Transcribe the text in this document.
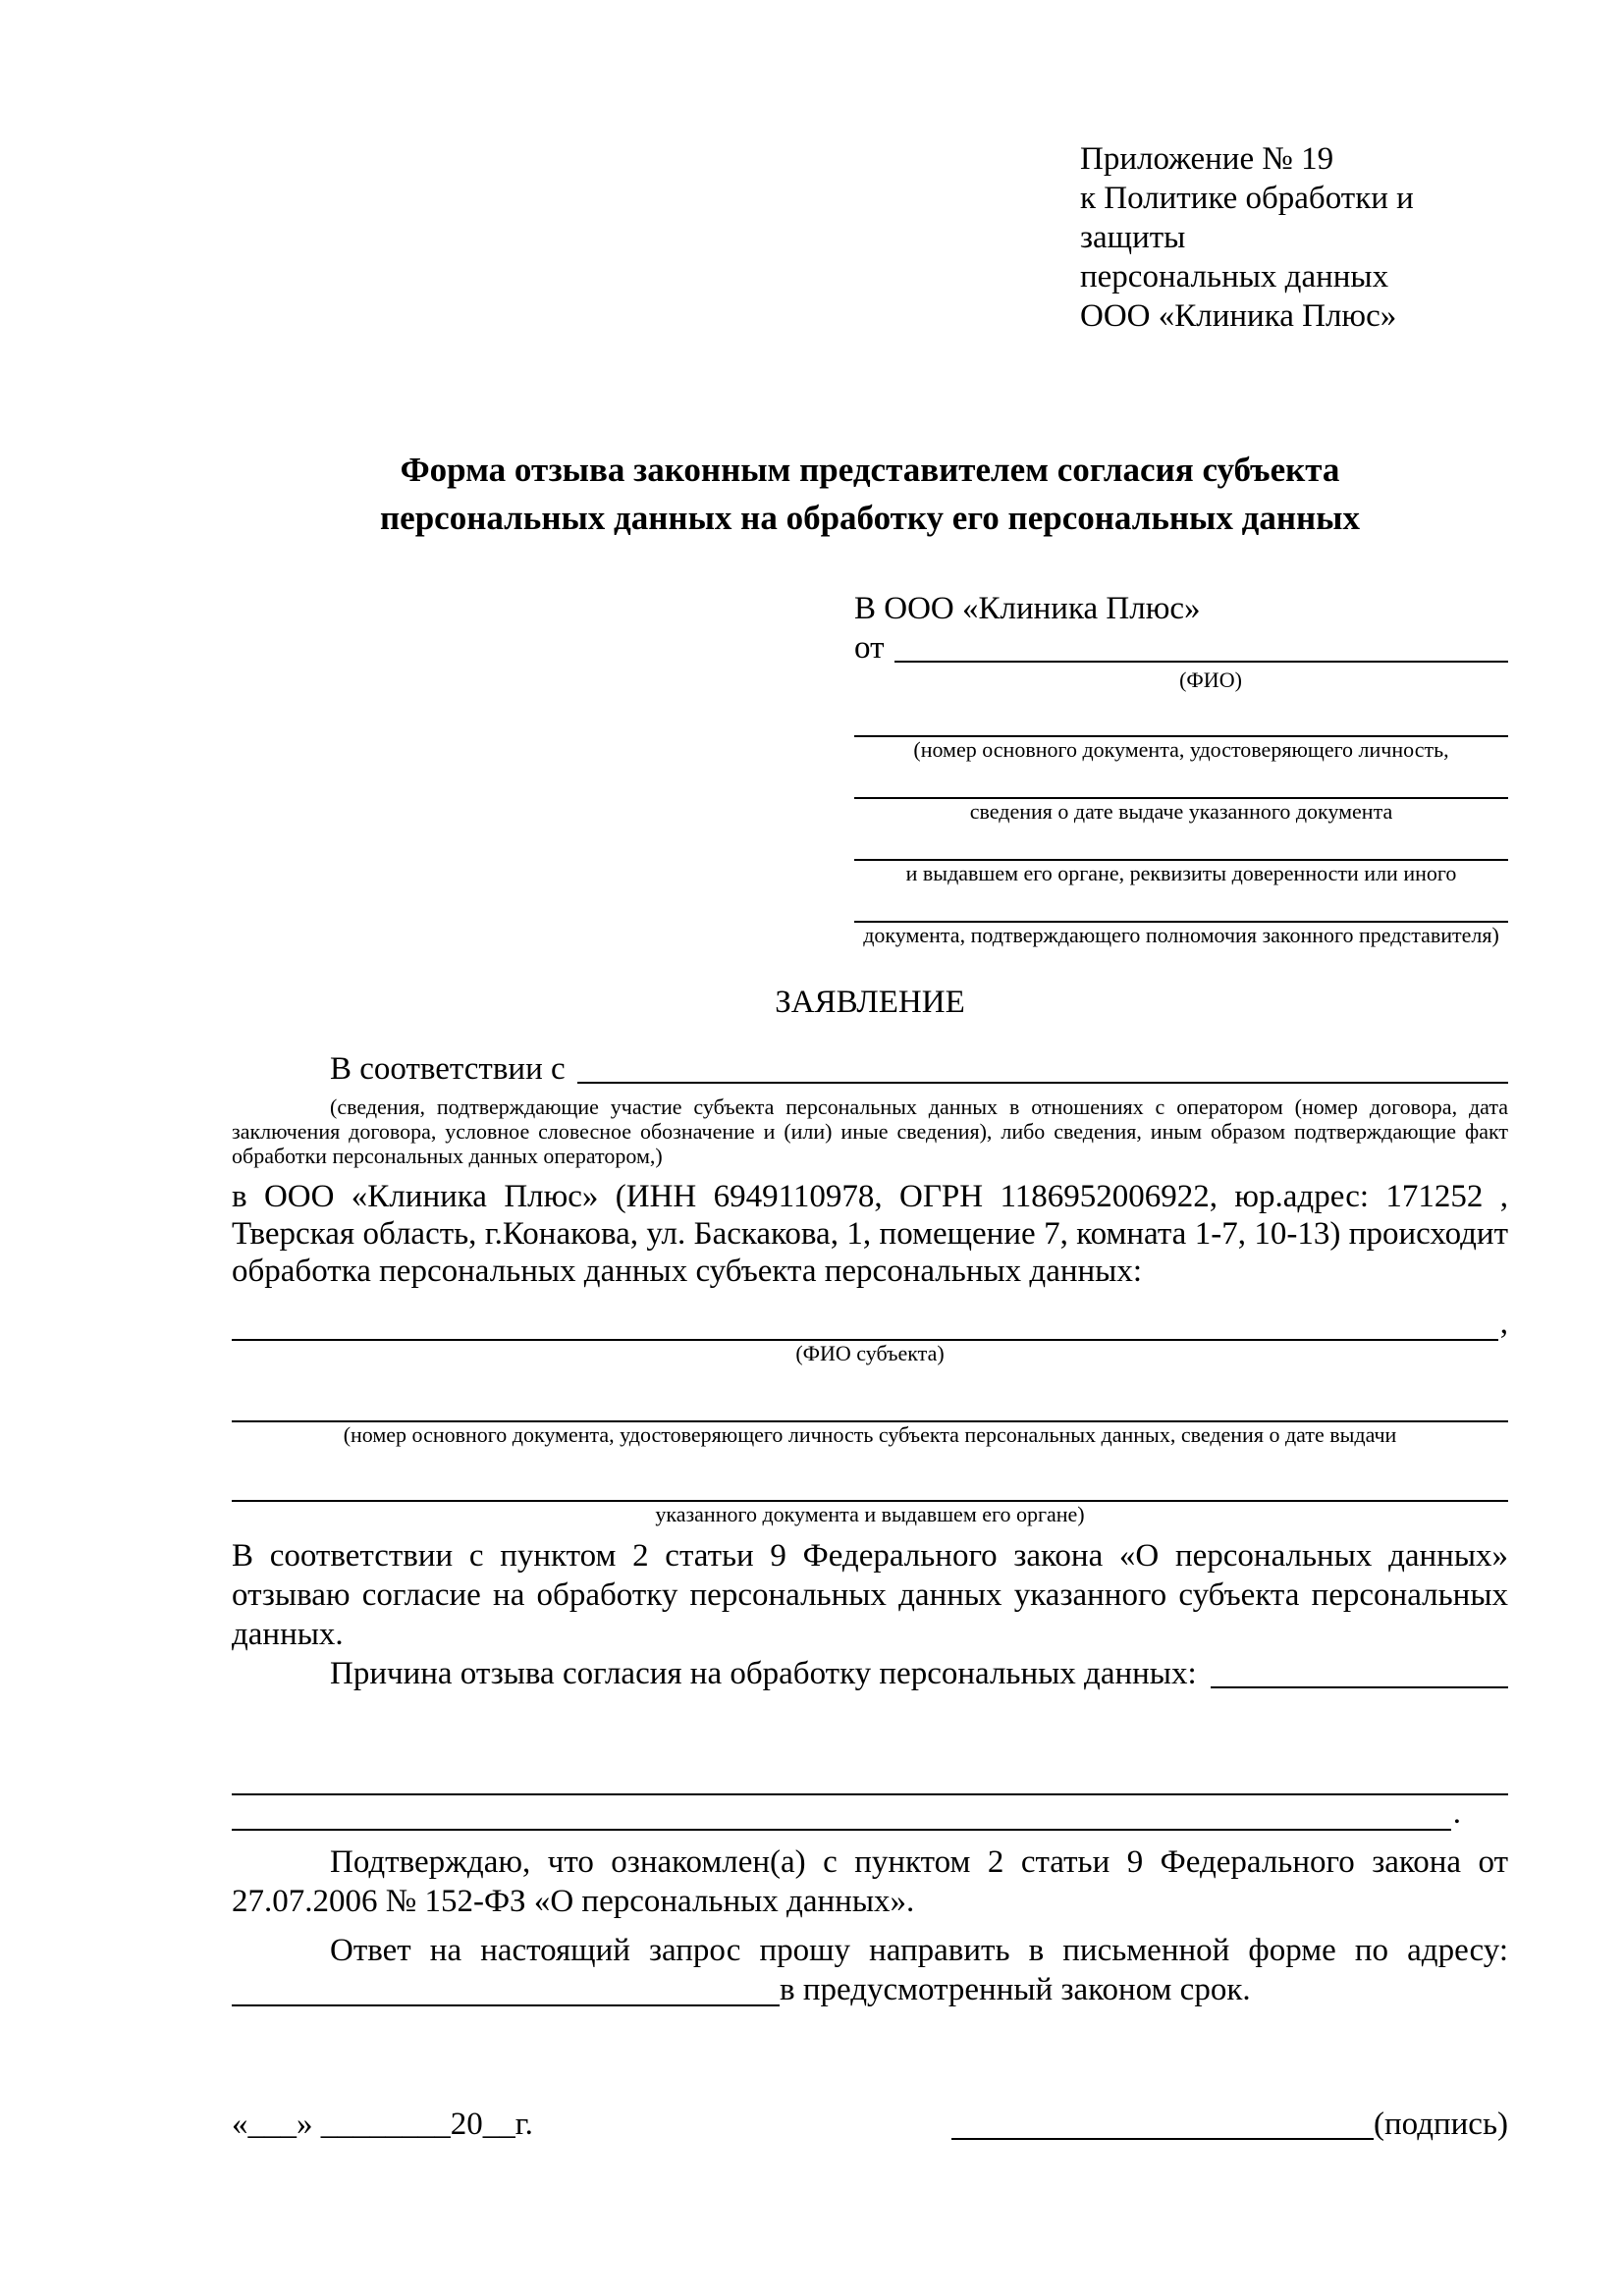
Приложение № 19
к Политике обработки и защиты
персональных данных
ООО «Клиника Плюс»
Форма отзыва законным представителем согласия субъекта
персональных данных на обработку его персональных данных
В ООО «Клиника Плюс»
от
(ФИО)
(номер основного документа, удостоверяющего личность,
сведения о дате выдаче указанного документа
и выдавшем его органе, реквизиты доверенности или иного
документа, подтверждающего полномочия законного представителя)
ЗАЯВЛЕНИЕ
В соответствии с

(сведения, подтверждающие участие субъекта персональных данных в отношениях с оператором (номер договора, дата заключения договора, условное словесное обозначение и (или) иные сведения), либо сведения, иным образом подтверждающие факт обработки персональных данных оператором,)

в ООО «Клиника Плюс» (ИНН 6949110978, ОГРН 1186952006922, юр.адрес: 171252 , Тверская область, г.Конакова, ул. Баскакова, 1, помещение 7, комната 1-7, 10-13) происходит обработка персональных данных субъекта персональных данных:

,
(ФИО субъекта)
(номер основного документа, удостоверяющего личность субъекта персональных данных, сведения о дате выдачи
указанного документа и выдавшем его органе)

В соответствии с пунктом 2 статьи 9 Федерального закона «О персональных данных» отзываю согласие на обработку персональных данных указанного субъекта персональных данных.

Причина отзыва согласия на обработку персональных данных:
.

Подтверждаю, что ознакомлен(а) с пунктом 2 статьи 9 Федерального закона от 27.07.2006 № 152-ФЗ «О персональных данных».

Ответ на настоящий запрос прошу направить в письменной форме по адресу:

в предусмотренный законом срок.
«___» ________20__г.	(подпись)
